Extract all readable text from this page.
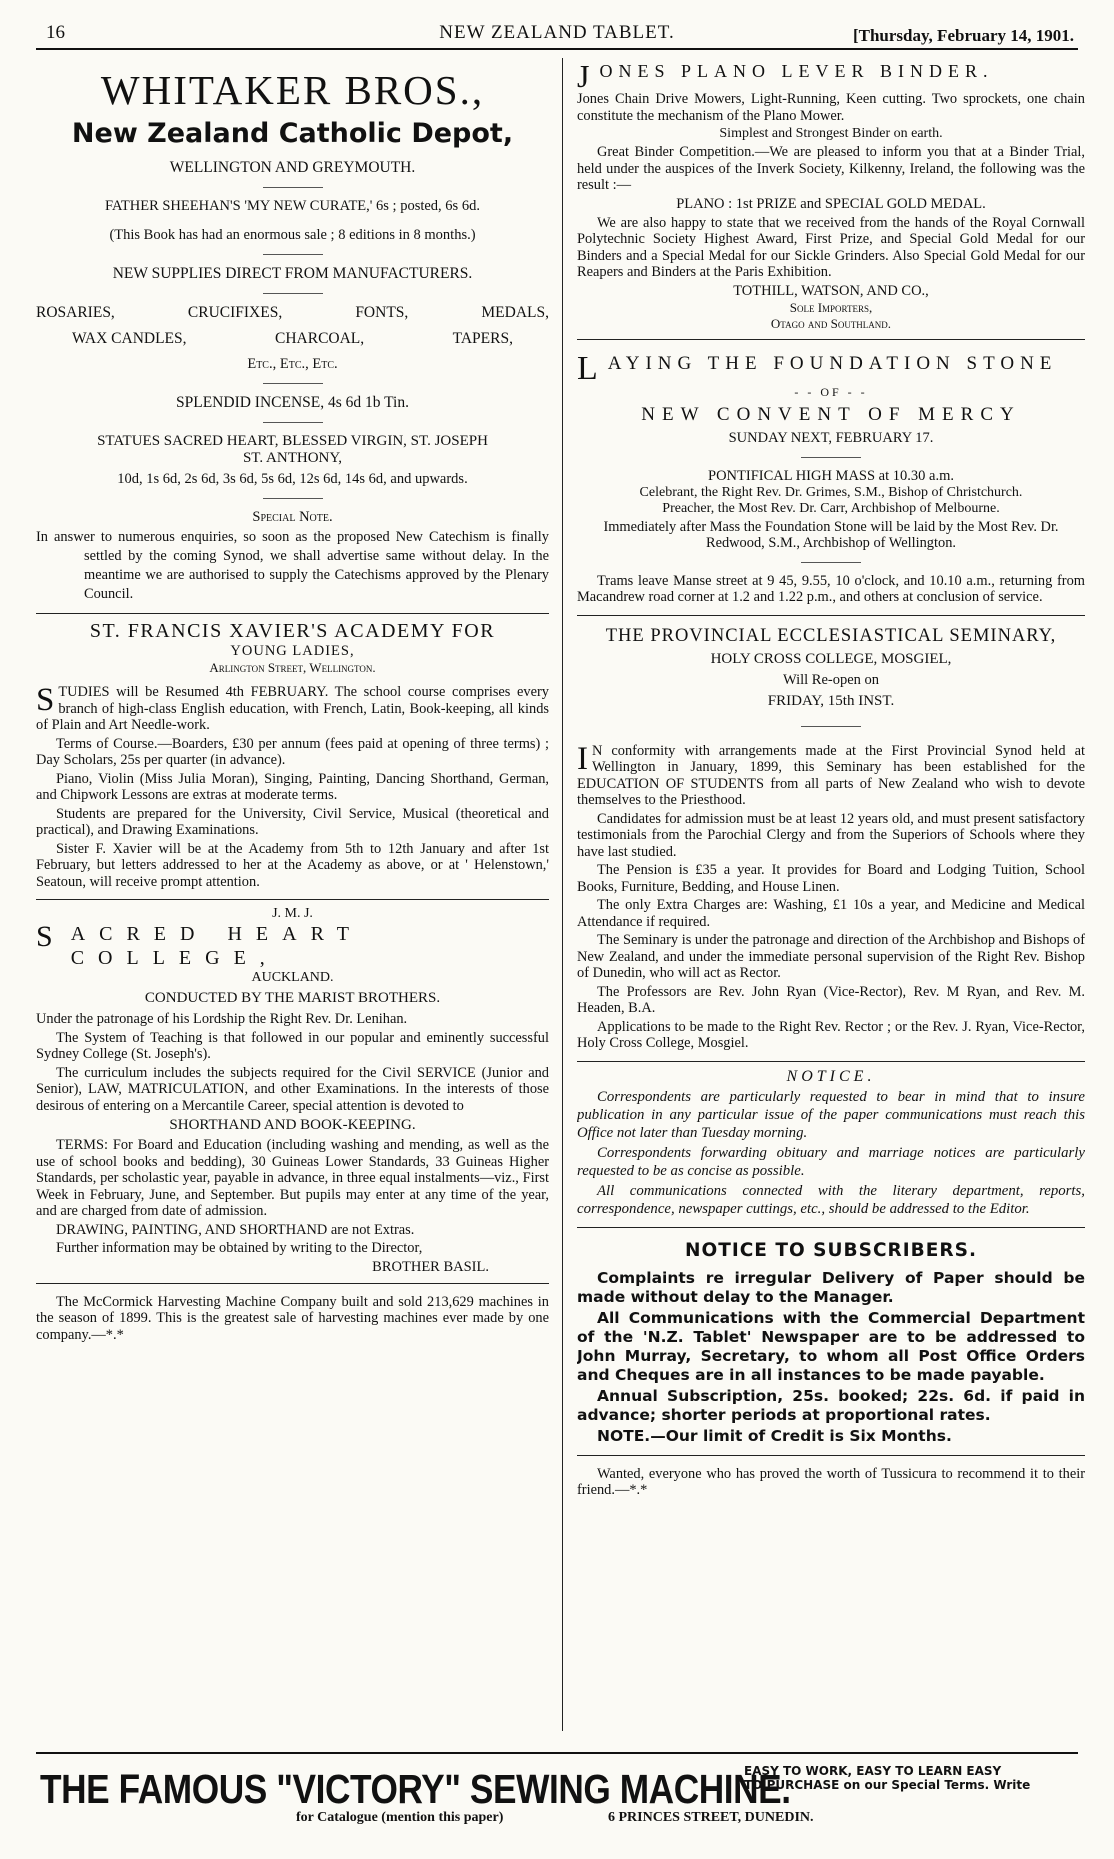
16	NEW ZEALAND TABLET.	[Thursday, February 14, 1901.
WHITAKER BROS.,
New Zealand Catholic Depot,
WELLINGTON AND GREYMOUTH.
FATHER SHEEHAN'S 'MY NEW CURATE,' 6s ; posted, 6s 6d.
(This Book has had an enormous sale ; 8 editions in 8 months.)
NEW SUPPLIES DIRECT FROM MANUFACTURERS.
ROSARIES,	CRUCIFIXES,	FONTS,	MEDALS,
WAX CANDLES,	CHARCOAL,	TAPERS,
Etc., Etc., Etc.
SPLENDID INCENSE, 4s 6d 1b Tin.
STATUES SACRED HEART, BLESSED VIRGIN, ST. JOSEPH
ST. ANTHONY,
10d, 1s 6d, 2s 6d, 3s 6d, 5s 6d, 12s 6d, 14s 6d, and upwards.
Special Note.

In answer to numerous enquiries, so soon as the proposed New Catechism is finally settled by the coming Synod, we shall advertise same without delay. In the meantime we are authorised to supply the Catechisms approved by the Plenary Council.

ST. FRANCIS XAVIER'S ACADEMY FOR
YOUNG LADIES,
Arlington Street, Wellington.

STUDIES will be Resumed 4th FEBRUARY. The school course comprises every branch of high-class English education, with French, Latin, Book-keeping, all kinds of Plain and Art Needle-work.

Terms of Course.—Boarders, £30 per annum (fees paid at opening of three terms) ; Day Scholars, 25s per quarter (in advance).

Piano, Violin (Miss Julia Moran), Singing, Painting, Dancing Shorthand, German, and Chipwork Lessons are extras at moderate terms.

Students are prepared for the University, Civil Service, Musical (theoretical and practical), and Drawing Examinations.

Sister F. Xavier will be at the Academy from 5th to 12th January and after 1st February, but letters addressed to her at the Academy as above, or at ' Helenstown,' Seatoun, will receive prompt attention.

J. M. J.
SACRED HEART COLLEGE,
AUCKLAND.
CONDUCTED BY THE MARIST BROTHERS.

Under the patronage of his Lordship the Right Rev. Dr. Lenihan.

The System of Teaching is that followed in our popular and eminently successful Sydney College (St. Joseph's).

The curriculum includes the subjects required for the Civil SERVICE (Junior and Senior), LAW, MATRICULATION, and other Examinations. In the interests of those desirous of entering on a Mercantile Career, special attention is devoted to

SHORTHAND AND BOOK-KEEPING.

TERMS: For Board and Education (including washing and mending, as well as the use of school books and bedding), 30 Guineas Lower Standards, 33 Guineas Higher Standards, per scholastic year, payable in advance, in three equal instalments—viz., First Week in February, June, and September. But pupils may enter at any time of the year, and are charged from date of admission.

DRAWING, PAINTING, AND SHORTHAND are not Extras.

Further information may be obtained by writing to the Director,

BROTHER BASIL.

The McCormick Harvesting Machine Company built and sold 213,629 machines in the season of 1899. This is the greatest sale of harvesting machines ever made by one company.—*.*

JONES PLANO LEVER BINDER.

Jones Chain Drive Mowers, Light-Running, Keen cutting. Two sprockets, one chain constitute the mechanism of the Plano Mower.

Simplest and Strongest Binder on earth.

Great Binder Competition.—We are pleased to inform you that at a Binder Trial, held under the auspices of the Inverk Society, Kilkenny, Ireland, the following was the result :—

PLANO : 1st PRIZE and SPECIAL GOLD MEDAL.

We are also happy to state that we received from the hands of the Royal Cornwall Polytechnic Society Highest Award, First Prize, and Special Gold Medal for our Binders and a Special Medal for our Sickle Grinders. Also Special Gold Medal for our Reapers and Binders at the Paris Exhibition.

TOTHILL, WATSON, AND CO.,
Sole Importers,
Otago and Southland.
LAYING THE FOUNDATION STONE
- - OF - -
NEW CONVENT OF MERCY
SUNDAY NEXT, FEBRUARY 17.
PONTIFICAL HIGH MASS at 10.30 a.m.
Celebrant, the Right Rev. Dr. Grimes, S.M., Bishop of Christchurch.
Preacher, the Most Rev. Dr. Carr, Archbishop of Melbourne.

Immediately after Mass the Foundation Stone will be laid by the Most Rev. Dr. Redwood, S.M., Archbishop of Wellington.

Trams leave Manse street at 9 45, 9.55, 10 o'clock, and 10.10 a.m., returning from Macandrew road corner at 1.2 and 1.22 p.m., and others at conclusion of service.

THE PROVINCIAL ECCLESIASTICAL SEMINARY,
HOLY CROSS COLLEGE, MOSGIEL,
Will Re-open on
FRIDAY, 15th INST.

I N conformity with arrangements made at the First Provincial Synod held at Wellington in January, 1899, this Seminary has been established for the EDUCATION OF STUDENTS from all parts of New Zealand who wish to devote themselves to the Priesthood.

Candidates for admission must be at least 12 years old, and must present satisfactory testimonials from the Parochial Clergy and from the Superiors of Schools where they have last studied.

The Pension is £35 a year. It provides for Board and Lodging Tuition, School Books, Furniture, Bedding, and House Linen.

The only Extra Charges are: Washing, £1 10s a year, and Medicine and Medical Attendance if required.

The Seminary is under the patronage and direction of the Archbishop and Bishops of New Zealand, and under the immediate personal supervision of the Right Rev. Bishop of Dunedin, who will act as Rector.

The Professors are Rev. John Ryan (Vice-Rector), Rev. M Ryan, and Rev. M. Headen, B.A.

Applications to be made to the Right Rev. Rector ; or the Rev. J. Ryan, Vice-Rector, Holy Cross College, Mosgiel.

NOTICE.

Correspondents are particularly requested to bear in mind that to insure publication in any particular issue of the paper communications must reach this Office not later than Tuesday morning.

Correspondents forwarding obituary and marriage notices are particularly requested to be as concise as possible.

All communications connected with the literary department, reports, correspondence, newspaper cuttings, etc., should be addressed to the Editor.

NOTICE TO SUBSCRIBERS.

Complaints re irregular Delivery of Paper should be made without delay to the Manager.

All Communications with the Commercial Department of the 'N.Z. Tablet' Newspaper are to be addressed to John Murray, Secretary, to whom all Post Office Orders and Cheques are in all instances to be made payable.

Annual Subscription, 25s. booked; 22s. 6d. if paid in advance; shorter periods at proportional rates.

NOTE.—Our limit of Credit is Six Months.

Wanted, everyone who has proved the worth of Tussicura to recommend it to their friend.—*.*

THE FAMOUS "VICTORY" SEWING MACHINE.
EASY TO WORK, EASY TO LEARN EASY
TO PURCHASE on our Special Terms. Write
for Catalogue (mention this paper)	6 PRINCES STREET, DUNEDIN.
